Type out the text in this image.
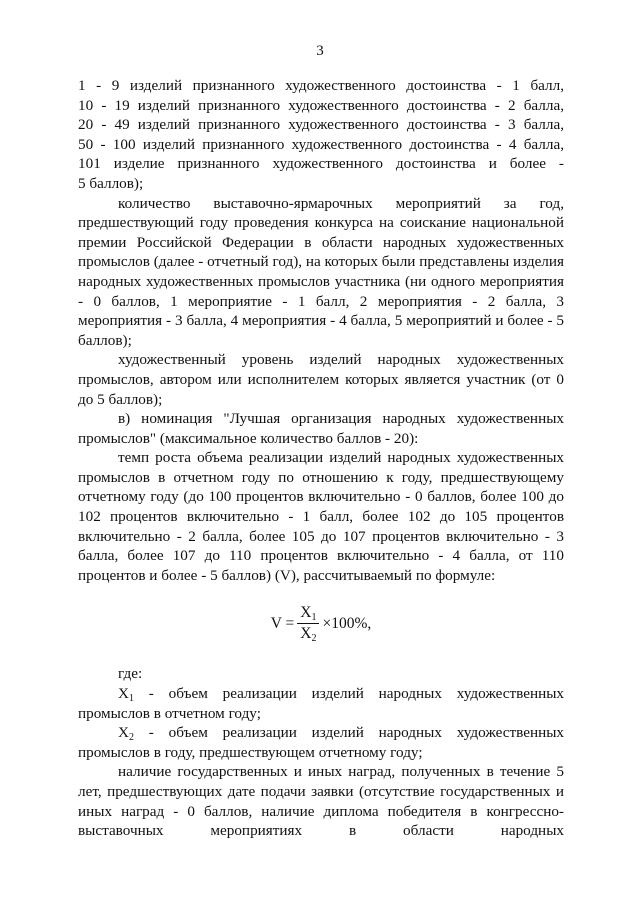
3

1 - 9 изделий признанного художественного достоинства - 1 балл,

10 - 19 изделий признанного художественного достоинства - 2 балла,

20 - 49 изделий признанного художественного достоинства - 3 балла,

50 - 100 изделий признанного художественного достоинства - 4 балла,

101 изделие признанного художественного достоинства и более -

5 баллов);

количество выставочно-ярмарочных мероприятий за год, предшествующий году проведения конкурса на соискание национальной премии Российской Федерации в области народных художественных промыслов (далее - отчетный год), на которых были представлены изделия народных художественных промыслов участника (ни одного мероприятия - 0 баллов, 1 мероприятие - 1 балл, 2 мероприятия - 2 балла, 3 мероприятия - 3 балла, 4 мероприятия - 4 балла, 5 мероприятий и более - 5 баллов);

художественный уровень изделий народных художественных промыслов, автором или исполнителем которых является участник (от 0 до 5 баллов);

в) номинация "Лучшая организация народных художественных промыслов" (максимальное количество баллов - 20):

темп роста объема реализации изделий народных художественных промыслов в отчетном году по отношению к году, предшествующему отчетному году (до 100 процентов включительно - 0 баллов, более 100 до 102 процентов включительно - 1 балл, более 102 до 105 процентов включительно - 2 балла, более 105 до 107 процентов включительно - 3 балла, более 107 до 110 процентов включительно - 4 балла, от 110 процентов и более - 5 баллов) (V), рассчитываемый по формуле:

$V = \frac{X_1}{X_2} \times 100\%$,

где:

$X_1$ - объем реализации изделий народных художественных промыслов в отчетном году;

$X_2$ - объем реализации изделий народных художественных промыслов в году, предшествующем отчетному году;

наличие государственных и иных наград, полученных в течение 5 лет, предшествующих дате подачи заявки (отсутствие государственных и иных наград - 0 баллов, наличие диплома победителя в конгрессно-выставочных мероприятиях в области народных
